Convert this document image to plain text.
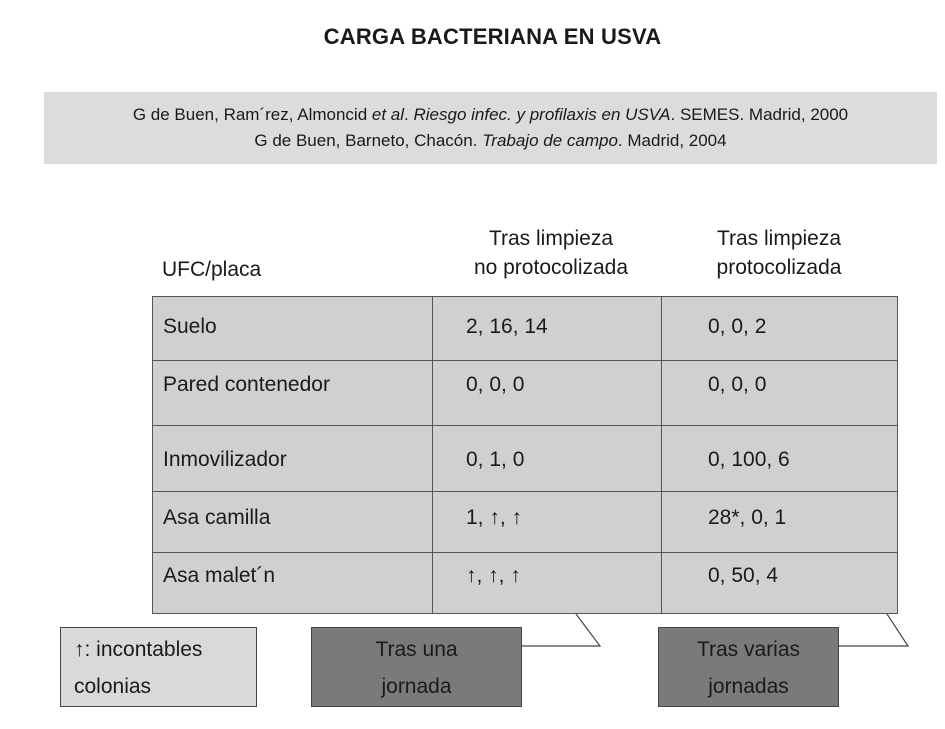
CARGA BACTERIANA EN USVA
G de Buen, Ram´rez, Almoncid et al. Riesgo infec. y profilaxis en USVA. SEMES. Madrid, 2000
G de Buen, Barneto, Chacón. Trabajo de campo. Madrid, 2004
UFC/placa
Tras limpieza
no protocolizada
Tras limpieza
protocolizada
Suelo	2, 16, 14	0, 0, 2
Pared contenedor	0, 0, 0	0, 0, 0
Inmovilizador	0, 1, 0	0, 100, 6
Asa camilla	1, ↑, ↑	28*, 0, 1
Asa malet´n	↑, ↑, ↑	0, 50, 4
↑: incontables
colonias
Tras una
jornada
Tras varias
jornadas
